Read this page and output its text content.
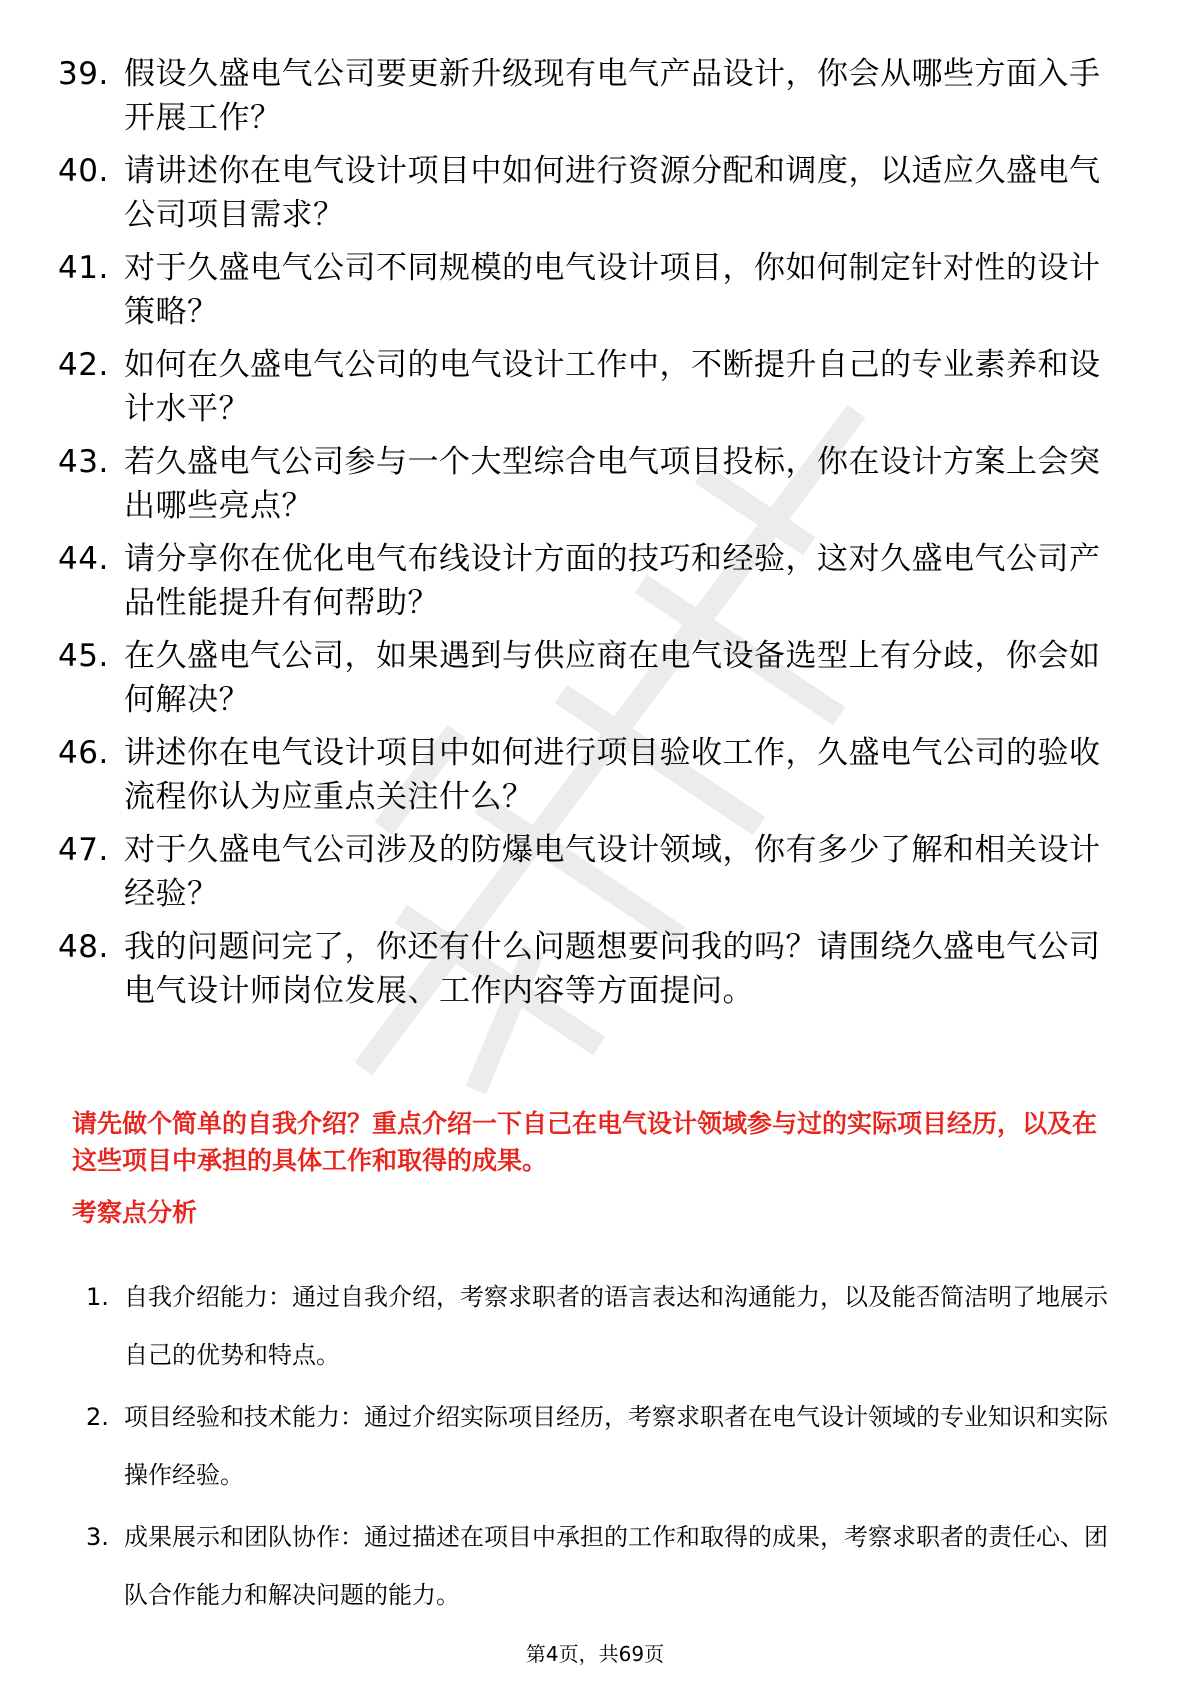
39. 假设久盛电气公司要更新升级现有电气产品设计，你会从哪些方面入手开展工作？
40. 请讲述你在电气设计项目中如何进行资源分配和调度，以适应久盛电气公司项目需求？
41. 对于久盛电气公司不同规模的电气设计项目，你如何制定针对性的设计策略？
42. 如何在久盛电气公司的电气设计工作中，不断提升自己的专业素养和设计水平？
43. 若久盛电气公司参与一个大型综合电气项目投标，你在设计方案上会突出哪些亮点？
44. 请分享你在优化电气布线设计方面的技巧和经验，这对久盛电气公司产品性能提升有何帮助？
45. 在久盛电气公司，如果遇到与供应商在电气设备选型上有分歧，你会如何解决？
46. 讲述你在电气设计项目中如何进行项目验收工作，久盛电气公司的验收流程你认为应重点关注什么？
47. 对于久盛电气公司涉及的防爆电气设计领域，你有多少了解和相关设计经验？
48. 我的问题问完了，你还有什么问题想要问我的吗？请围绕久盛电气公司电气设计师岗位发展、工作内容等方面提问。

请先做个简单的自我介绍？重点介绍一下自己在电气设计领域参与过的实际项目经历，以及在这些项目中承担的具体工作和取得的成果。

考察点分析
1. 自我介绍能力：通过自我介绍，考察求职者的语言表达和沟通能力，以及能否简洁明了地展示自己的优势和特点。
2. 项目经验和技术能力：通过介绍实际项目经历，考察求职者在电气设计领域的专业知识和实际操作经验。
3. 成果展示和团队协作：通过描述在项目中承担的工作和取得的成果，考察求职者的责任心、团队合作能力和解决问题的能力。
第4页，共69页
